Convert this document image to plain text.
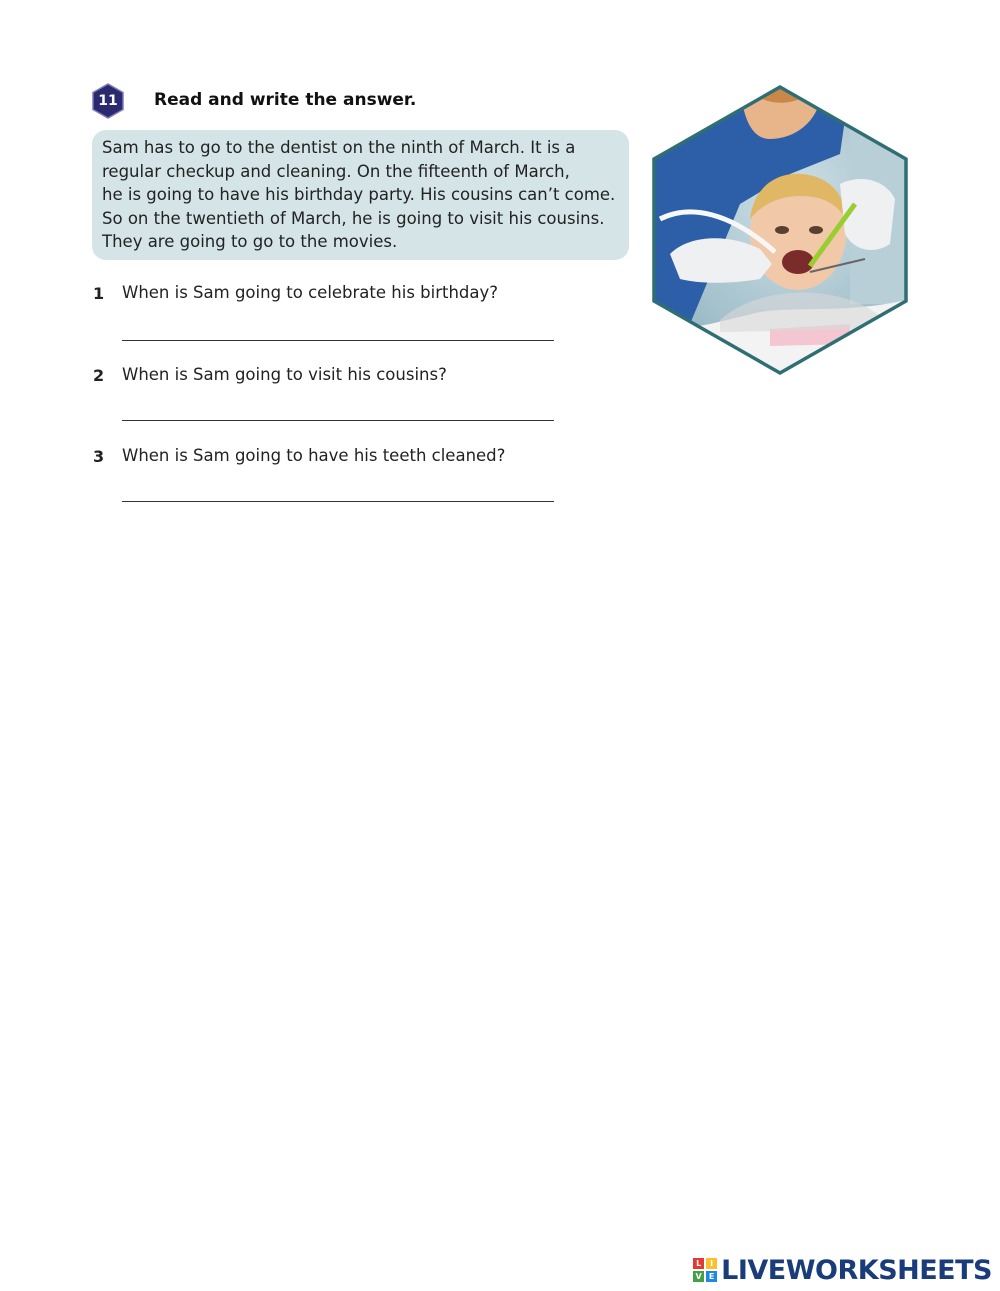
11	Read and write the answer.
Sam has to go to the dentist on the ninth of March. It is a
regular checkup and cleaning. On the fifteenth of March,
he is going to have his birthday party. His cousins can’t come.
So on the twentieth of March, he is going to visit his cousins.
They are going to go to the movies.
1 When is Sam going to celebrate his birthday?
2 When is Sam going to visit his cousins?
3 When is Sam going to have his teeth cleaned?
L	I
V E LIVEWORKSHEETS
